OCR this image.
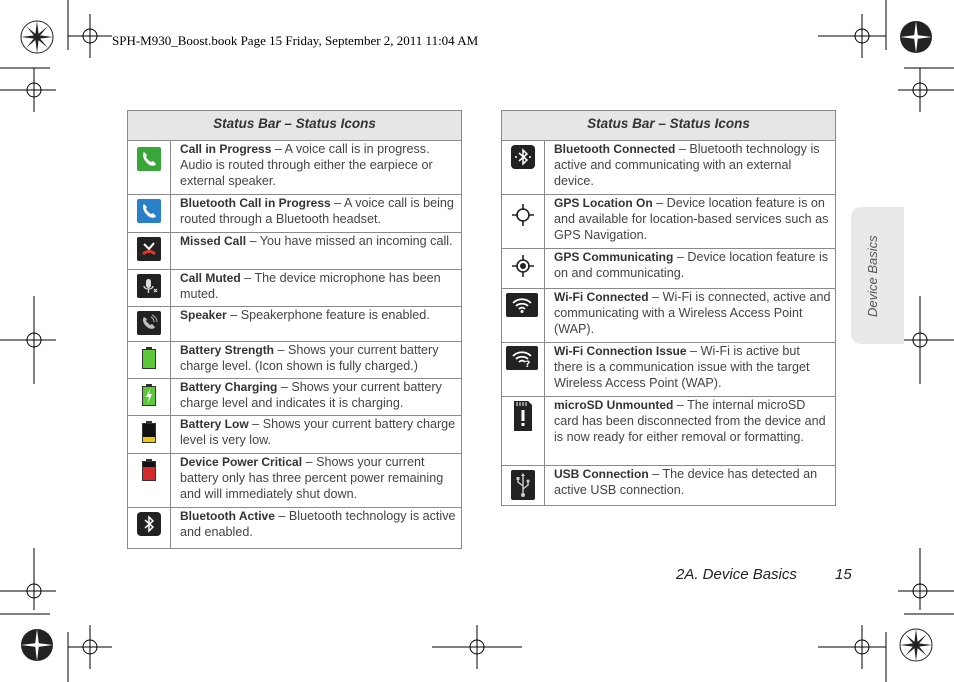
SPH-M930_Boost.book Page 15 Friday, September 2, 2011 11:04 AM
Device Basics
Status Bar – Status Icons
Call in Progress – A voice call is in progress. Audio is routed through either the earpiece or external speaker.
Bluetooth Call in Progress – A voice call is being routed through a Bluetooth headset.
Missed Call – You have missed an incoming call.
Call Muted – The device microphone has been muted.
Speaker – Speakerphone feature is enabled.
Battery Strength – Shows your current battery charge level. (Icon shown is fully charged.)
Battery Charging – Shows your current battery charge level and indicates it is charging.
Battery Low – Shows your current battery charge level is very low.
Device Power Critical – Shows your current battery only has three percent power remaining and will immediately shut down.
Bluetooth Active – Bluetooth technology is active and enabled.
Status Bar – Status Icons
Bluetooth Connected – Bluetooth technology is active and communicating with an external device.
GPS Location On – Device location feature is on and available for location-based services such as GPS Navigation.
GPS Communicating – Device location feature is on and communicating.
Wi-Fi Connected – Wi-Fi is connected, active and communicating with a Wireless Access Point (WAP).
?
Wi-Fi Connection Issue – Wi-Fi is active but there is a communication issue with the target Wireless Access Point (WAP).
microSD Unmounted – The internal microSD card has been disconnected from the device and is now ready for either removal or formatting.
USB Connection – The device has detected an active USB connection.
2A. Device Basics	15
